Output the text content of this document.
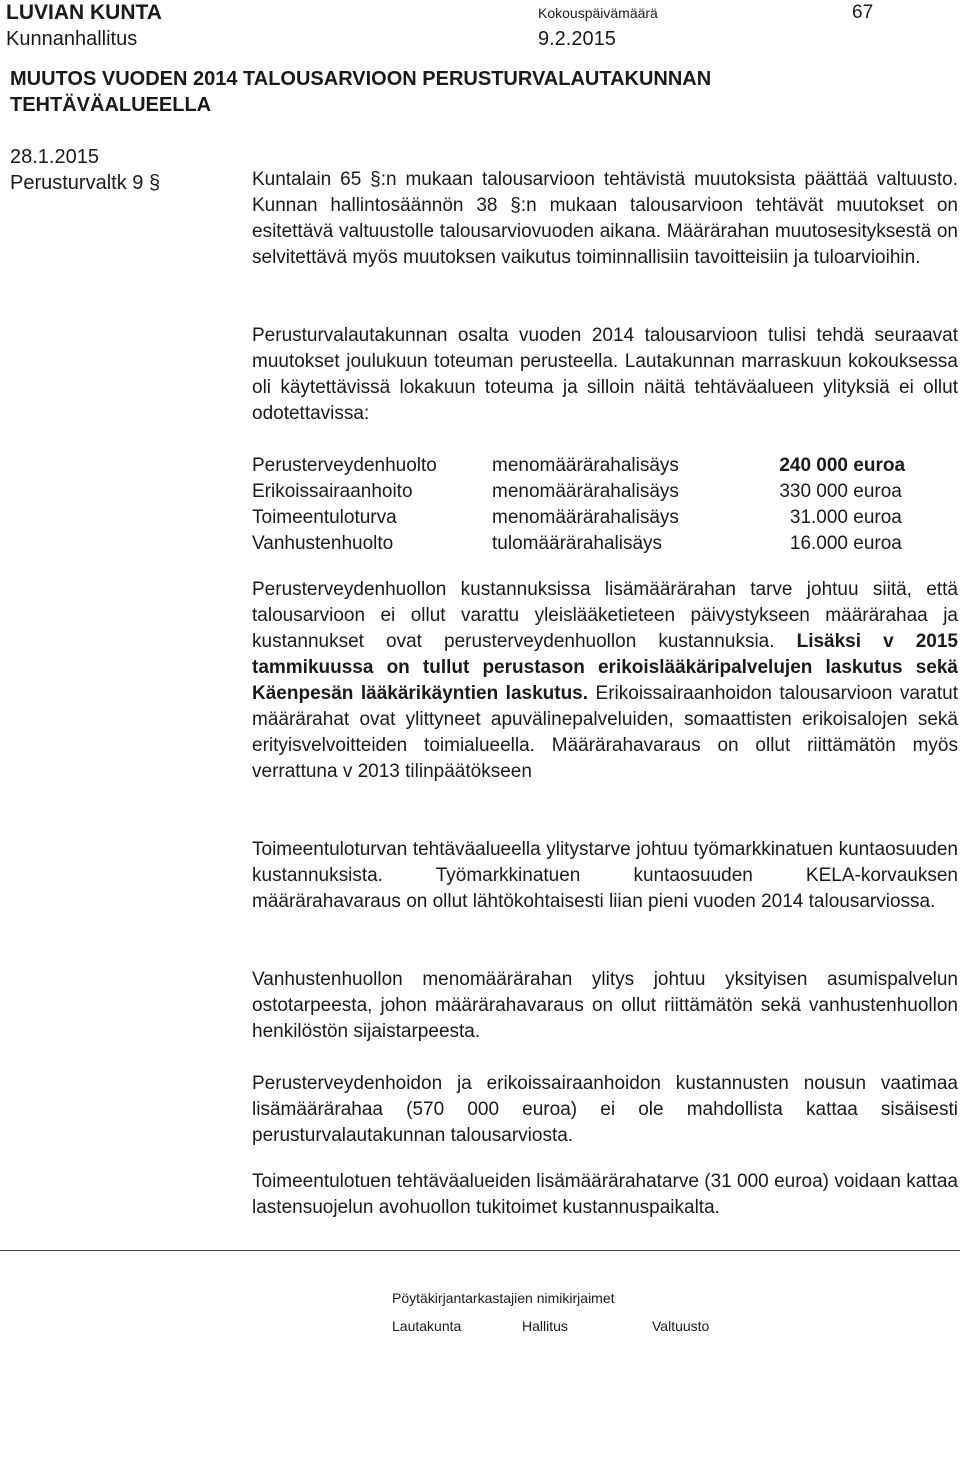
LUVIAN KUNTA
Kunnanhallitus
Kokouspäivämäärä
9.2.2015
67
MUUTOS VUODEN 2014 TALOUSARVIOON PERUSTURVALAUTAKUNNAN TEHTÄVÄALUEELLA
28.1.2015
Perusturvaltk 9 §	Kuntalain 65 §:n mukaan talousarvioon tehtävistä muutoksista päättää valtuusto. Kunnan hallintosäännön 38 §:n mukaan talousarvioon tehtävät muutokset on esitettävä valtuustolle talousarviovuoden aikana. Määrärahan muutosesityksestä on selvitettävä myös muutoksen vaikutus toiminnallisiin tavoitteisiin ja tuloarvioihin.

Perusturvalautakunnan osalta vuoden 2014 talousarvioon tulisi tehdä seuraavat muutokset joulukuun toteuman perusteella. Lautakunnan marraskuun kokouksessa oli käytettävissä lokakuun toteuma ja silloin näitä tehtäväalueen ylityksiä ei ollut odotettavissa:

Perusterveydenhuolto	menomäärärahalisäys	240 000	euroa
Erikoissairaanhoito	menomäärärahalisäys	330 000	euroa
Toimeentuloturva	menomäärärahalisäys	31.000	euroa
Vanhustenhuolto	tulomäärärahalisäys	16.000	euroa

Perusterveydenhuollon kustannuksissa lisämäärärahan tarve johtuu siitä, että talousarvioon ei ollut varattu yleislääketieteen päivystykseen määrärahaa ja kustannukset ovat perusterveydenhuollon kustannuksia. Lisäksi v 2015 tammikuussa on tullut perustason erikoislääkäripalvelujen laskutus sekä Käenpesän lääkärikäyntien laskutus. Erikoissairaanhoidon talousarvioon varatut määrärahat ovat ylittyneet apuvälinepalveluiden, somaattisten erikoisalojen sekä erityisvelvoitteiden toimialueella. Määrärahavaraus on ollut riittämätön myös verrattuna v 2013 tilinpäätökseen

Toimeentuloturvan tehtäväalueella ylitystarve johtuu työmarkkinatuen kuntaosuuden kustannuksista. Työmarkkinatuen kuntaosuuden KELA-korvauksen määrärahavaraus on ollut lähtökohtaisesti liian pieni vuoden 2014 talousarviossa.

Vanhustenhuollon menomäärärahan ylitys johtuu yksityisen asumispalvelun ostotarpeesta, johon määrärahavaraus on ollut riittämätön sekä vanhustenhuollon henkilöstön sijaistarpeesta.

Perusterveydenhoidon ja erikoissairaanhoidon kustannusten nousun vaatimaa lisämäärärahaa (570 000 euroa) ei ole mahdollista kattaa sisäisesti perusturvalautakunnan talousarviosta.

Toimeentulotuen tehtäväalueiden lisämäärärahatarve (31 000 euroa) voidaan kattaa lastensuojelun avohuollon tukitoimet kustannuspaikalta.

Pöytäkirjantarkastajien nimikirjaimet
Lautakunta	Hallitus	Valtuusto
